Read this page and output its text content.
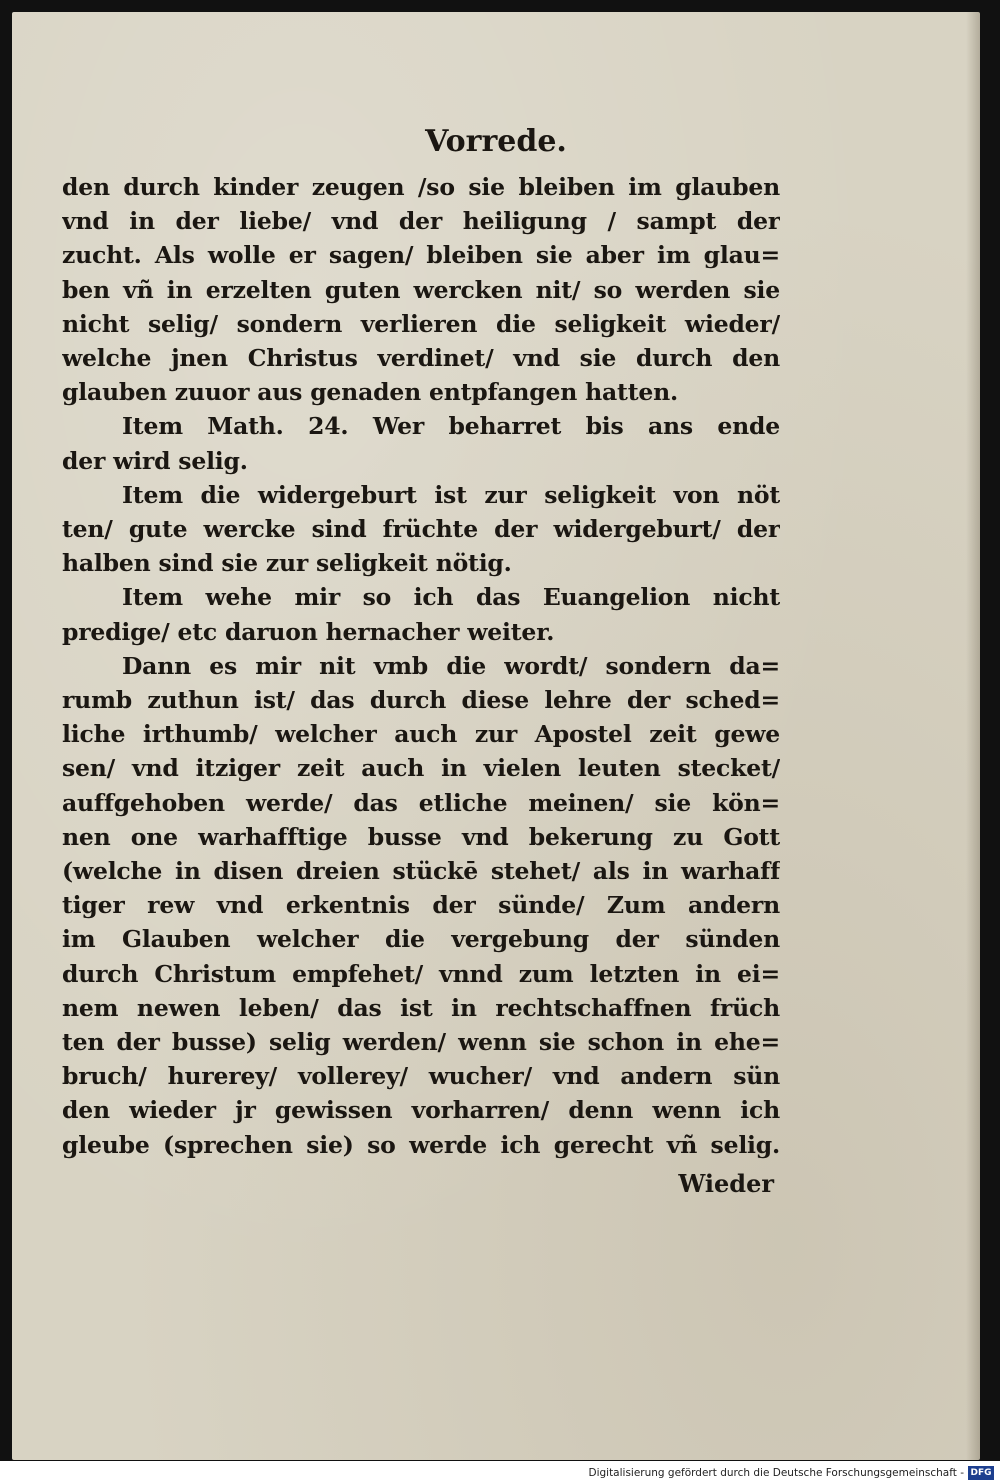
Vorrede.
den durch kinder zeugen /so sie bleiben im glauben
vnd in der liebe/ vnd der heiligung / sampt der
zucht. Als wolle er sagen/ bleiben sie aber im glau=
ben vñ in erzelten guten wercken nit/ so werden sie
nicht selig/ sondern verlieren die seligkeit wieder/
welche jnen Christus verdinet/ vnd sie durch den
glauben zuuor aus genaden entpfangen hatten.
Item Math. 24. Wer beharret bis ans ende
der wird selig.
Item die widergeburt ist zur seligkeit von nöt
ten/ gute wercke sind früchte der widergeburt/ der
halben sind sie zur seligkeit nötig.
Item wehe mir so ich das Euangelion nicht
predige/ etc daruon hernacher weiter.
Dann es mir nit vmb die wordt/ sondern da=
rumb zuthun ist/ das durch diese lehre der sched=
liche irthumb/ welcher auch zur Apostel zeit gewe
sen/ vnd itziger zeit auch in vielen leuten stecket/
auffgehoben werde/ das etliche meinen/ sie kön=
nen one warhafftige busse vnd bekerung zu Gott
(welche in disen dreien stückē stehet/ als in warhaff
tiger rew vnd erkentnis der sünde/ Zum andern
im Glauben welcher die vergebung der sünden
durch Christum empfehet/ vnnd zum letzten in ei=
nem newen leben/ das ist in rechtschaffnen früch
ten der busse) selig werden/ wenn sie schon in ehe=
bruch/ hurerey/ vollerey/ wucher/ vnd andern sün
den wieder jr gewissen vorharren/ denn wenn ich
gleube (sprechen sie) so werde ich gerecht vñ selig.
Wieder
Digitalisierung gefördert durch die Deutsche Forschungsgemeinschaft - DFG
